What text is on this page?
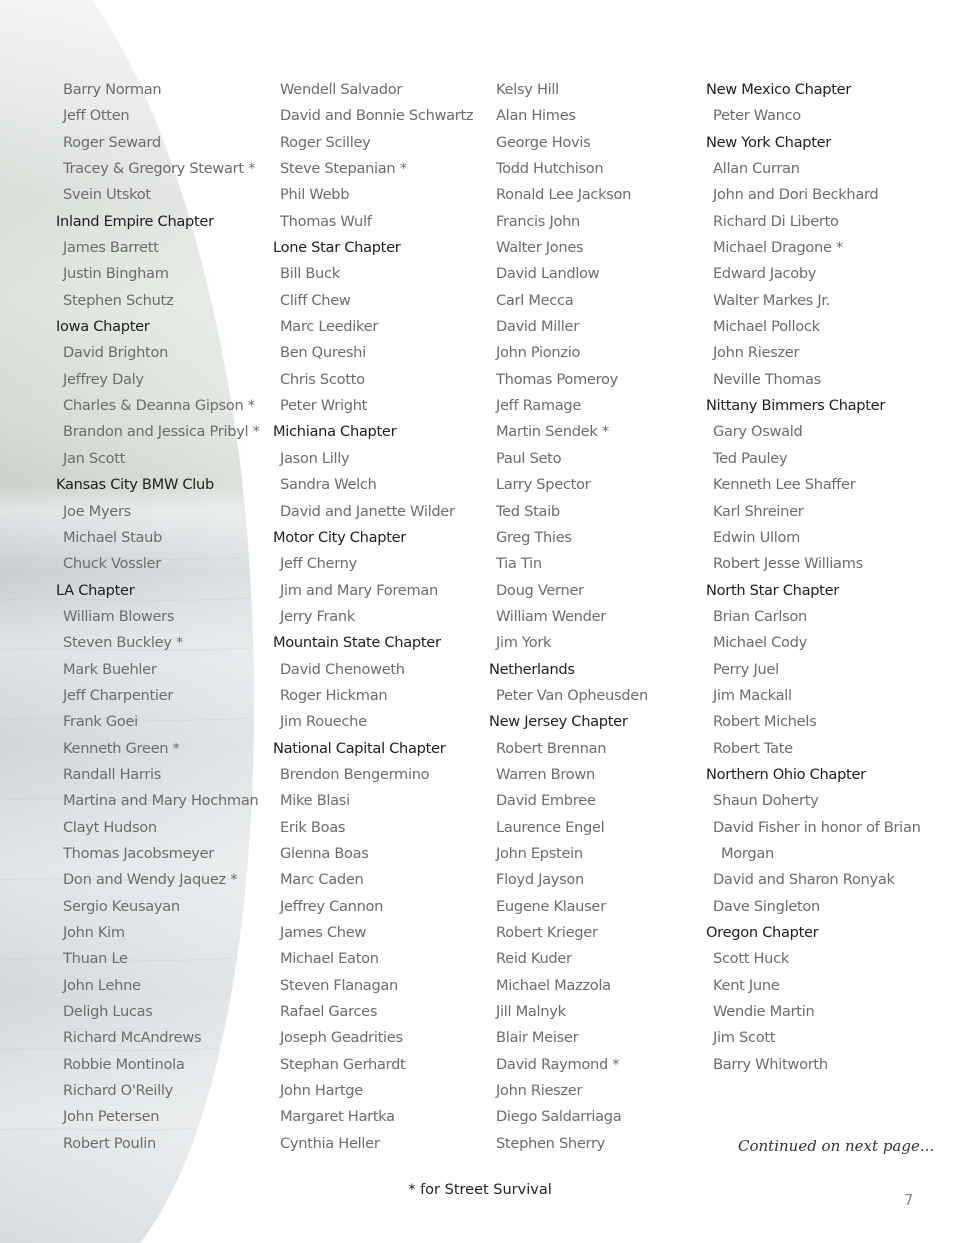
Barry Norman
Jeff Otten
Roger Seward
Tracey & Gregory Stewart *
Svein Utskot
Inland Empire Chapter
James Barrett
Justin Bingham
Stephen Schutz
Iowa Chapter
David Brighton
Jeffrey Daly
Charles & Deanna Gipson *
Brandon and Jessica Pribyl *
Jan Scott
Kansas City BMW Club
Joe Myers
Michael Staub
Chuck Vossler
LA Chapter
William Blowers
Steven Buckley *
Mark Buehler
Jeff Charpentier
Frank Goei
Kenneth Green *
Randall Harris
Martina and Mary Hochman
Clayt Hudson
Thomas Jacobsmeyer
Don and Wendy Jaquez *
Sergio Keusayan
John Kim
Thuan Le
John Lehne
Deligh Lucas
Richard McAndrews
Robbie Montinola
Richard O'Reilly
John Petersen
Robert Poulin
Wendell Salvador
David and Bonnie Schwartz
Roger Scilley
Steve Stepanian *
Phil Webb
Thomas Wulf
Lone Star Chapter
Bill Buck
Cliff Chew
Marc Leediker
Ben Qureshi
Chris Scotto
Peter Wright
Michiana Chapter
Jason Lilly
Sandra Welch
David and Janette Wilder
Motor City Chapter
Jeff Cherny
Jim and Mary Foreman
Jerry Frank
Mountain State Chapter
David Chenoweth
Roger Hickman
Jim Roueche
National Capital Chapter
Brendon Bengermino
Mike Blasi
Erik Boas
Glenna Boas
Marc Caden
Jeffrey Cannon
James Chew
Michael Eaton
Steven Flanagan
Rafael Garces
Joseph Geadrities
Stephan Gerhardt
John Hartge
Margaret Hartka
Cynthia Heller
Kelsy Hill
Alan Himes
George Hovis
Todd Hutchison
Ronald Lee Jackson
Francis John
Walter Jones
David Landlow
Carl Mecca
David Miller
John Pionzio
Thomas Pomeroy
Jeff Ramage
Martin Sendek *
Paul Seto
Larry Spector
Ted Staib
Greg Thies
Tia Tin
Doug Verner
William Wender
Jim York
Netherlands
Peter Van Opheusden
New Jersey Chapter
Robert Brennan
Warren Brown
David Embree
Laurence Engel
John Epstein
Floyd Jayson
Eugene Klauser
Robert Krieger
Reid Kuder
Michael Mazzola
Jill Malnyk
Blair Meiser
David Raymond *
John Rieszer
Diego Saldarriaga
Stephen Sherry
New Mexico Chapter
Peter Wanco
New York Chapter
Allan Curran
John and Dori Beckhard
Richard Di Liberto
Michael Dragone *
Edward Jacoby
Walter Markes Jr.
Michael Pollock
John Rieszer
Neville Thomas
Nittany Bimmers Chapter
Gary Oswald
Ted Pauley
Kenneth Lee Shaffer
Karl Shreiner
Edwin Ullom
Robert Jesse Williams
North Star Chapter
Brian Carlson
Michael Cody
Perry Juel
Jim Mackall
Robert Michels
Robert Tate
Northern Ohio Chapter
Shaun Doherty
David Fisher in honor of Brian
Morgan
David and Sharon Ronyak
Dave Singleton
Oregon Chapter
Scott Huck
Kent June
Wendie Martin
Jim Scott
Barry Whitworth
Continued on next page...
* for Street Survival
7
